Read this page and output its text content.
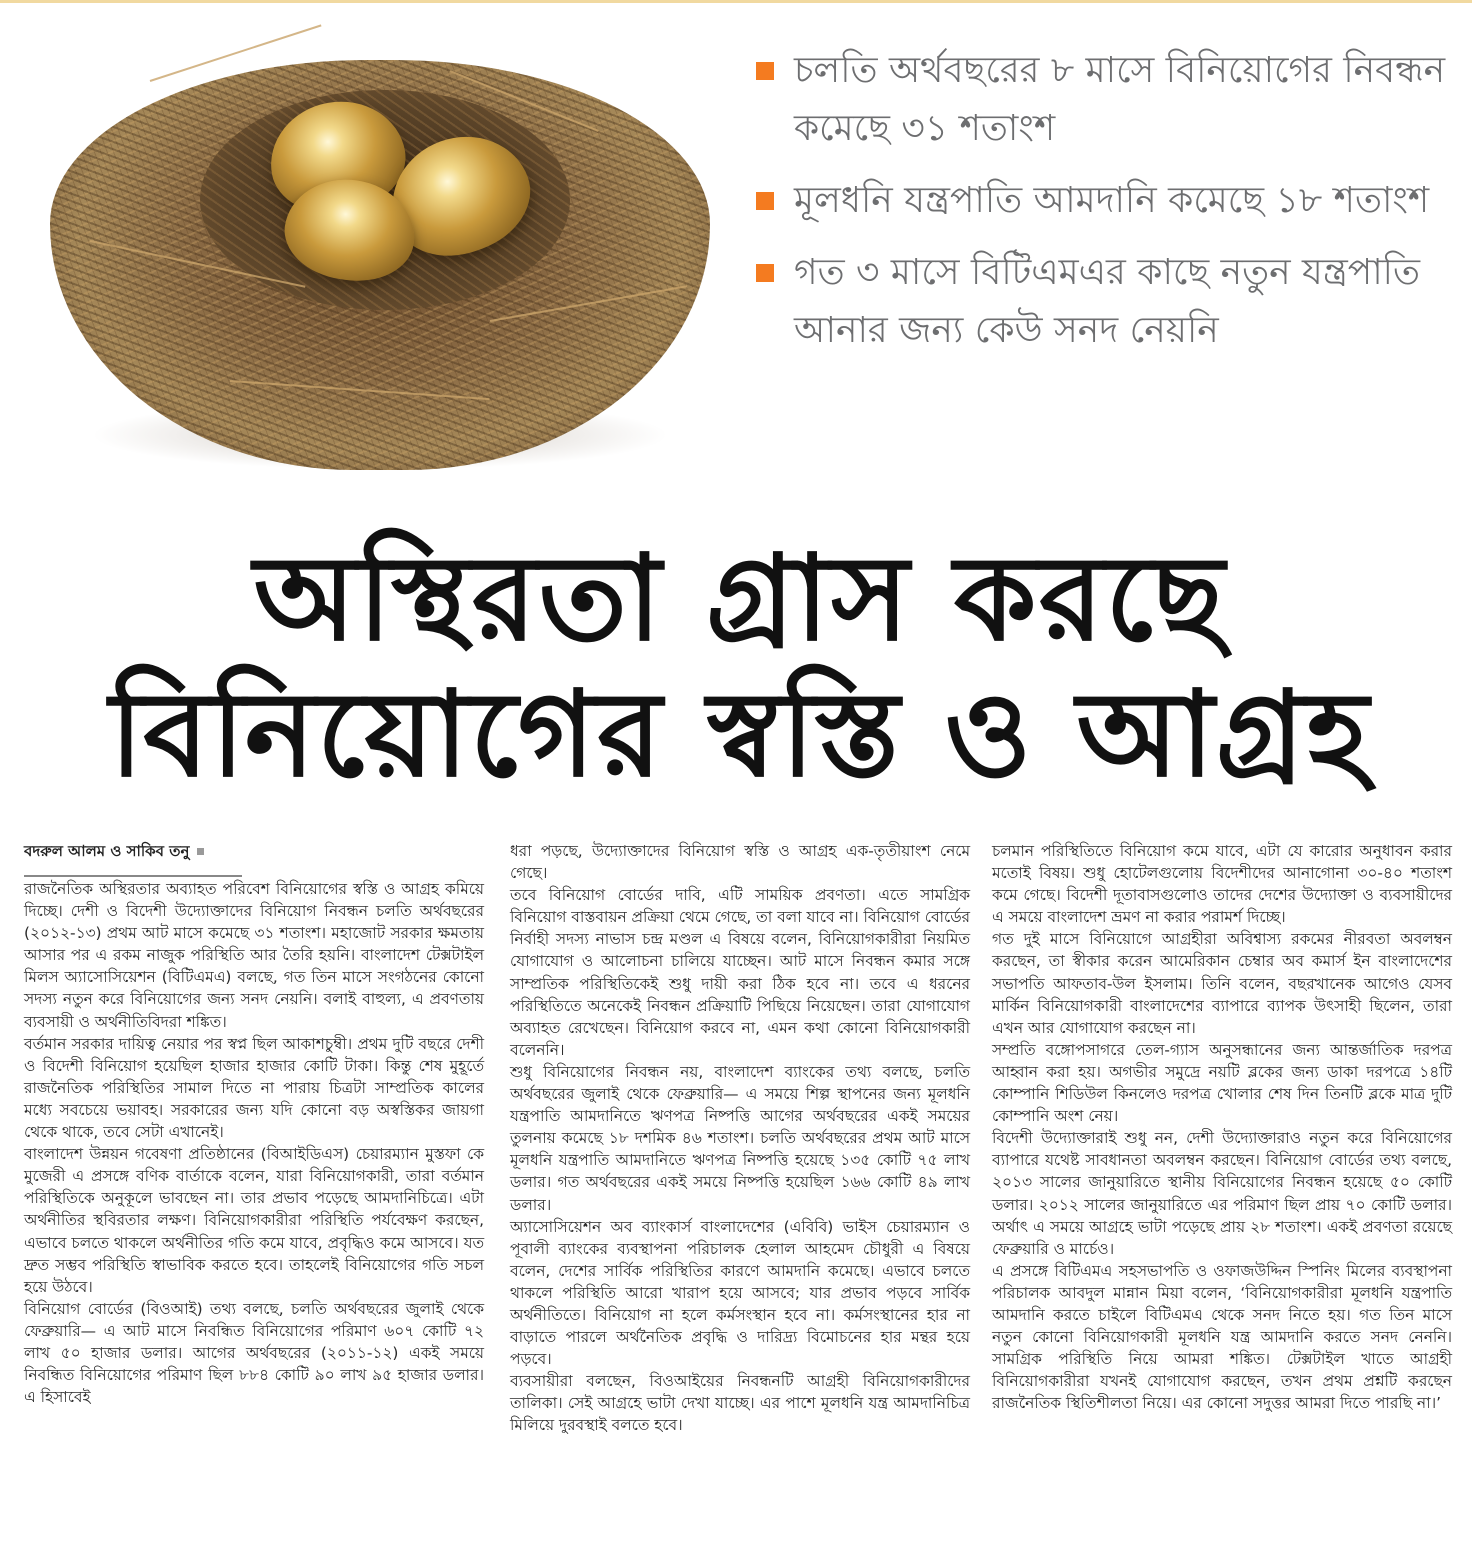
চলতি অর্থবছরের ৮ মাসে বিনিয়োগের নিবন্ধন কমেছে ৩১ শতাংশ
মূলধনি যন্ত্রপাতি আমদানি কমেছে ১৮ শতাংশ
গত ৩ মাসে বিটিএমএর কাছে নতুন যন্ত্রপাতি আনার জন্য কেউ সনদ নেয়নি
অস্থিরতা গ্রাস করছে
বিনিয়োগের স্বস্তি ও আগ্রহ
বদরুল আলম ও সাকিব তনু

রাজনৈতিক অস্থিরতার অব্যাহত পরিবেশ বিনিয়োগের স্বস্তি ও আগ্রহ কমিয়ে দিচ্ছে। দেশী ও বিদেশী উদ্যোক্তাদের বিনিয়োগ নিবন্ধন চলতি অর্থবছরের (২০১২-১৩) প্রথম আট মাসে কমেছে ৩১ শতাংশ। মহাজোট সরকার ক্ষমতায় আসার পর এ রকম নাজুক পরিস্থিতি আর তৈরি হয়নি। বাংলাদেশ টেক্সটাইল মিলস অ্যাসোসিয়েশন (বিটিএমএ) বলছে, গত তিন মাসে সংগঠনের কোনো সদস্য নতুন করে বিনিয়োগের জন্য সনদ নেয়নি। বলাই বাহুল্য, এ প্রবণতায় ব্যবসায়ী ও অর্থনীতিবিদরা শঙ্কিত।

বর্তমান সরকার দায়িত্ব নেয়ার পর স্বপ্ন ছিল আকাশচুম্বী। প্রথম দুটি বছরে দেশী ও বিদেশী বিনিয়োগ হয়েছিল হাজার হাজার কোটি টাকা। কিন্তু শেষ মুহূর্তে রাজনৈতিক পরিস্থিতির সামাল দিতে না পারায় চিত্রটা সাম্প্রতিক কালের মধ্যে সবচেয়ে ভয়াবহ। সরকারের জন্য যদি কোনো বড় অস্বস্তিকর জায়গা থেকে থাকে, তবে সেটা এখানেই।

বাংলাদেশ উন্নয়ন গবেষণা প্রতিষ্ঠানের (বিআইডিএস) চেয়ারম্যান মুস্তফা কে মুজেরী এ প্রসঙ্গে বণিক বার্তাকে বলেন, যারা বিনিয়োগকারী, তারা বর্তমান পরিস্থিতিকে অনুকূলে ভাবছেন না। তার প্রভাব পড়েছে আমদানিচিত্রে। এটা অর্থনীতির স্থবিরতার লক্ষণ। বিনিয়োগকারীরা পরিস্থিতি পর্যবেক্ষণ করছেন, এভাবে চলতে থাকলে অর্থনীতির গতি কমে যাবে, প্রবৃদ্ধিও কমে আসবে। যত দ্রুত সম্ভব পরিস্থিতি স্বাভাবিক করতে হবে। তাহলেই বিনিয়োগের গতি সচল হয়ে উঠবে।

বিনিয়োগ বোর্ডের (বিওআই) তথ্য বলছে, চলতি অর্থবছরের জুলাই থেকে ফেব্রুয়ারি— এ আট মাসে নিবন্ধিত বিনিয়োগের পরিমাণ ৬০৭ কোটি ৭২ লাখ ৫০ হাজার ডলার। আগের অর্থবছরের (২০১১-১২) একই সময়ে নিবন্ধিত বিনিয়োগের পরিমাণ ছিল ৮৮৪ কোটি ৯০ লাখ ৯৫ হাজার ডলার। এ হিসাবেই

ধরা পড়ছে, উদ্যোক্তাদের বিনিয়োগ স্বস্তি ও আগ্রহ এক-তৃতীয়াংশ নেমে গেছে।

তবে বিনিয়োগ বোর্ডের দাবি, এটি সাময়িক প্রবণতা। এতে সামগ্রিক বিনিয়োগ বাস্তবায়ন প্রক্রিয়া থেমে গেছে, তা বলা যাবে না। বিনিয়োগ বোর্ডের নির্বাহী সদস্য নাভাস চন্দ্র মণ্ডল এ বিষয়ে বলেন, বিনিয়োগকারীরা নিয়মিত যোগাযোগ ও আলোচনা চালিয়ে যাচ্ছেন। আট মাসে নিবন্ধন কমার সঙ্গে সাম্প্রতিক পরিস্থিতিকেই শুধু দায়ী করা ঠিক হবে না। তবে এ ধরনের পরিস্থিতিতে অনেকেই নিবন্ধন প্রক্রিয়াটি পিছিয়ে নিয়েছেন। তারা যোগাযোগ অব্যাহত রেখেছেন। বিনিয়োগ করবে না, এমন কথা কোনো বিনিয়োগকারী বলেননি।

শুধু বিনিয়োগের নিবন্ধন নয়, বাংলাদেশ ব্যাংকের তথ্য বলছে, চলতি অর্থবছরের জুলাই থেকে ফেব্রুয়ারি— এ সময়ে শিল্প স্থাপনের জন্য মূলধনি যন্ত্রপাতি আমদানিতে ঋণপত্র নিষ্পত্তি আগের অর্থবছরের একই সময়ের তুলনায় কমেছে ১৮ দশমিক ৪৬ শতাংশ। চলতি অর্থবছরের প্রথম আট মাসে মূলধনি যন্ত্রপাতি আমদানিতে ঋণপত্র নিষ্পত্তি হয়েছে ১৩৫ কোটি ৭৫ লাখ ডলার। গত অর্থবছরের একই সময়ে নিষ্পত্তি হয়েছিল ১৬৬ কোটি ৪৯ লাখ ডলার।

অ্যাসোসিয়েশন অব ব্যাংকার্স বাংলাদেশের (এবিবি) ভাইস চেয়ারম্যান ও পূবালী ব্যাংকের ব্যবস্থাপনা পরিচালক হেলাল আহমেদ চৌধুরী এ বিষয়ে বলেন, দেশের সার্বিক পরিস্থিতির কারণে আমদানি কমেছে। এভাবে চলতে থাকলে পরিস্থিতি আরো খারাপ হয়ে আসবে; যার প্রভাব পড়বে সার্বিক অর্থনীতিতে। বিনিয়োগ না হলে কর্মসংস্থান হবে না। কর্মসংস্থানের হার না বাড়াতে পারলে অর্থনৈতিক প্রবৃদ্ধি ও দারিদ্র্য বিমোচনের হার মন্থর হয়ে পড়বে।

ব্যবসায়ীরা বলছেন, বিওআইয়ের নিবন্ধনটি আগ্রহী বিনিয়োগকারীদের তালিকা। সেই আগ্রহে ভাটা দেখা যাচ্ছে। এর পাশে মূলধনি যন্ত্র আমদানিচিত্র মিলিয়ে দুরবস্থাই বলতে হবে।

চলমান পরিস্থিতিতে বিনিয়োগ কমে যাবে, এটা যে কারোর অনুধাবন করার মতোই বিষয়। শুধু হোটেলগুলোয় বিদেশীদের আনাগোনা ৩০-৪০ শতাংশ কমে গেছে। বিদেশী দূতাবাসগুলোও তাদের দেশের উদ্যোক্তা ও ব্যবসায়ীদের এ সময়ে বাংলাদেশ ভ্রমণ না করার পরামর্শ দিচ্ছে।

গত দুই মাসে বিনিয়োগে আগ্রহীরা অবিশ্বাস্য রকমের নীরবতা অবলম্বন করছেন, তা স্বীকার করেন আমেরিকান চেম্বার অব কমার্স ইন বাংলাদেশের সভাপতি আফতাব-উল ইসলাম। তিনি বলেন, বছরখানেক আগেও যেসব মার্কিন বিনিয়োগকারী বাংলাদেশের ব্যাপারে ব্যাপক উৎসাহী ছিলেন, তারা এখন আর যোগাযোগ করছেন না।

সম্প্রতি বঙ্গোপসাগরে তেল-গ্যাস অনুসন্ধানের জন্য আন্তর্জাতিক দরপত্র আহ্বান করা হয়। অগভীর সমুদ্রে নয়টি ব্লকের জন্য ডাকা দরপত্রে ১৪টি কোম্পানি শিডিউল কিনলেও দরপত্র খোলার শেষ দিন তিনটি ব্লকে মাত্র দুটি কোম্পানি অংশ নেয়।

বিদেশী উদ্যোক্তারাই শুধু নন, দেশী উদ্যোক্তারাও নতুন করে বিনিয়োগের ব্যাপারে যথেষ্ট সাবধানতা অবলম্বন করছেন। বিনিয়োগ বোর্ডের তথ্য বলছে, ২০১৩ সালের জানুয়ারিতে স্থানীয় বিনিয়োগের নিবন্ধন হয়েছে ৫০ কোটি ডলার। ২০১২ সালের জানুয়ারিতে এর পরিমাণ ছিল প্রায় ৭০ কোটি ডলার। অর্থাৎ এ সময়ে আগ্রহে ভাটা পড়েছে প্রায় ২৮ শতাংশ। একই প্রবণতা রয়েছে ফেব্রুয়ারি ও মার্চেও।

এ প্রসঙ্গে বিটিএমএ সহসভাপতি ও ওফাজউদ্দিন স্পিনিং মিলের ব্যবস্থাপনা পরিচালক আবদুল মান্নান মিয়া বলেন, ‘বিনিয়োগকারীরা মূলধনি যন্ত্রপাতি আমদানি করতে চাইলে বিটিএমএ থেকে সনদ নিতে হয়। গত তিন মাসে নতুন কোনো বিনিয়োগকারী মূলধনি যন্ত্র আমদানি করতে সনদ নেননি। সামগ্রিক পরিস্থিতি নিয়ে আমরা শঙ্কিত। টেক্সটাইল খাতে আগ্রহী বিনিয়োগকারীরা যখনই যোগাযোগ করছেন, তখন প্রথম প্রশ্নটি করছেন রাজনৈতিক স্থিতিশীলতা নিয়ে। এর কোনো সদুত্তর আমরা দিতে পারছি না।’
